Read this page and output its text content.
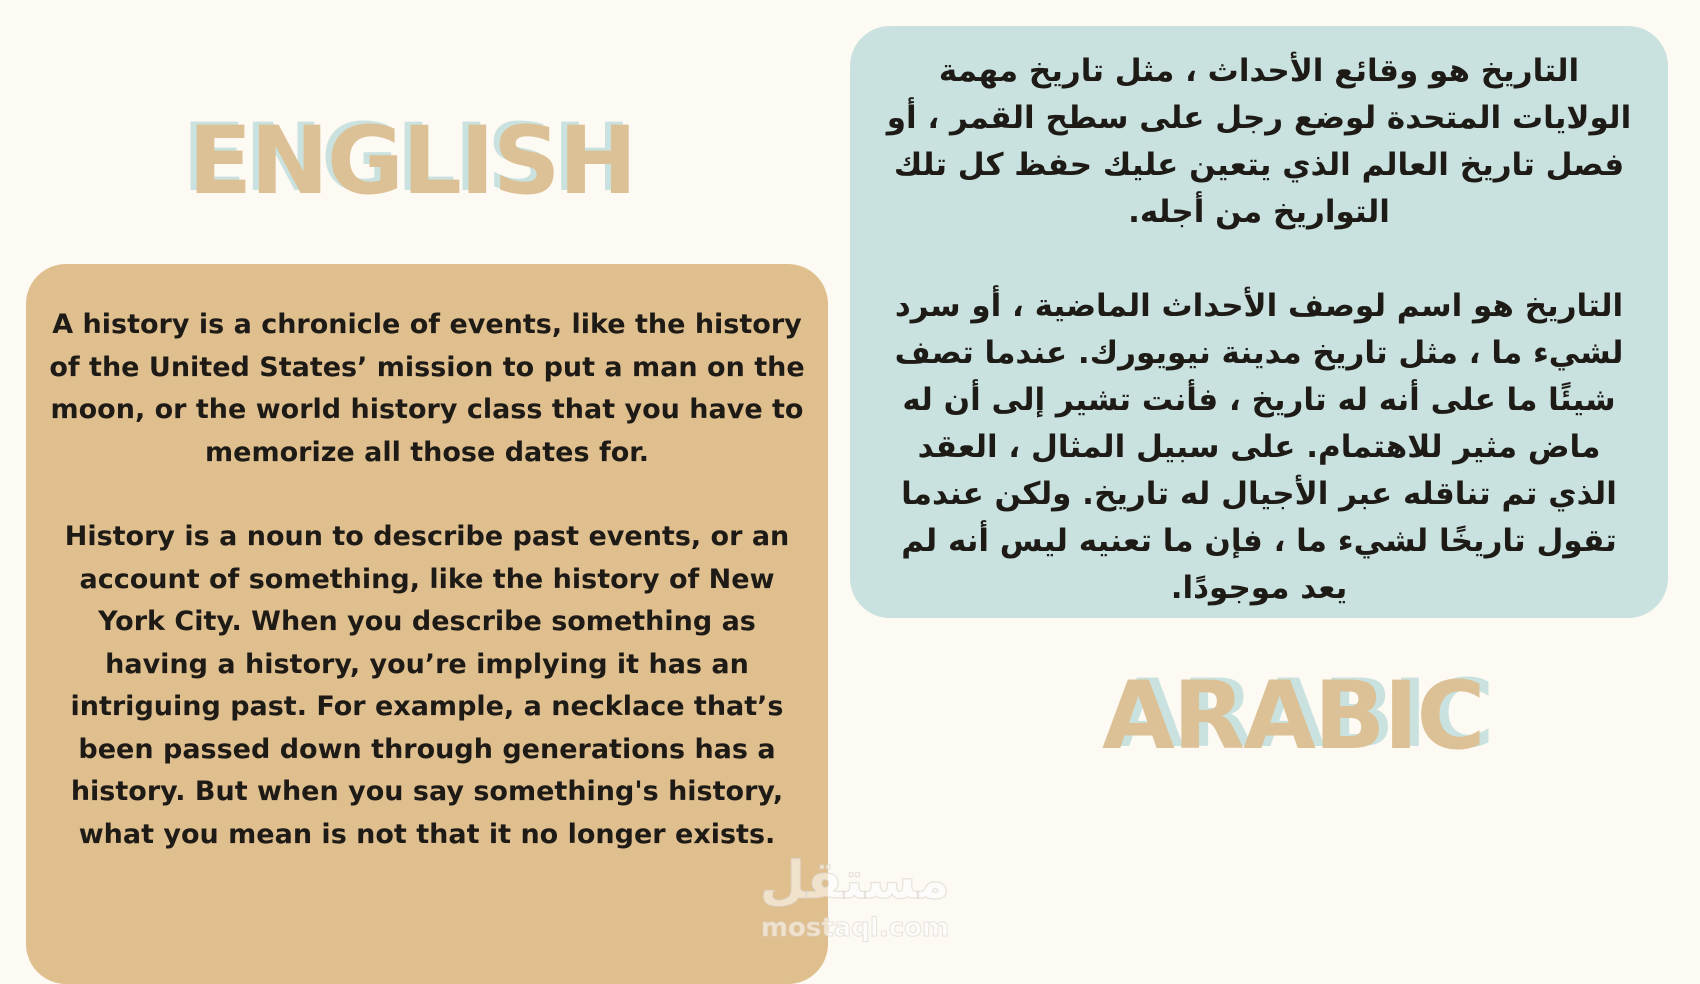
ENGLISH

A history is a chronicle of events, like the history of the United States’ mission to put a man on the moon, or the world history class that you have to memorize all those dates for.

History is a noun to describe past events, or an account of something, like the history of New York City. When you describe something as having a history, you’re implying it has an intriguing past. For example, a necklace that’s been passed down through generations has a history. But when you say something's history, what you mean is not that it no longer exists.

التاريخ هو وقائع الأحداث ، مثل تاريخ مهمة الولايات المتحدة لوضع رجل على سطح القمر ، أو فصل تاريخ العالم الذي يتعين عليك حفظ كل تلك التواريخ من أجله.

التاريخ هو اسم لوصف الأحداث الماضية ، أو سرد لشيء ما ، مثل تاريخ مدينة نيويورك. عندما تصف شيئًا ما على أنه له تاريخ ، فأنت تشير إلى أن له ماض مثير للاهتمام. على سبيل المثال ، العقد الذي تم تناقله عبر الأجيال له تاريخ. ولكن عندما تقول تاريخًا لشيء ما ، فإن ما تعنيه ليس أنه لم يعد موجودًا.

ARABIC
مستقل
mostaql.com
